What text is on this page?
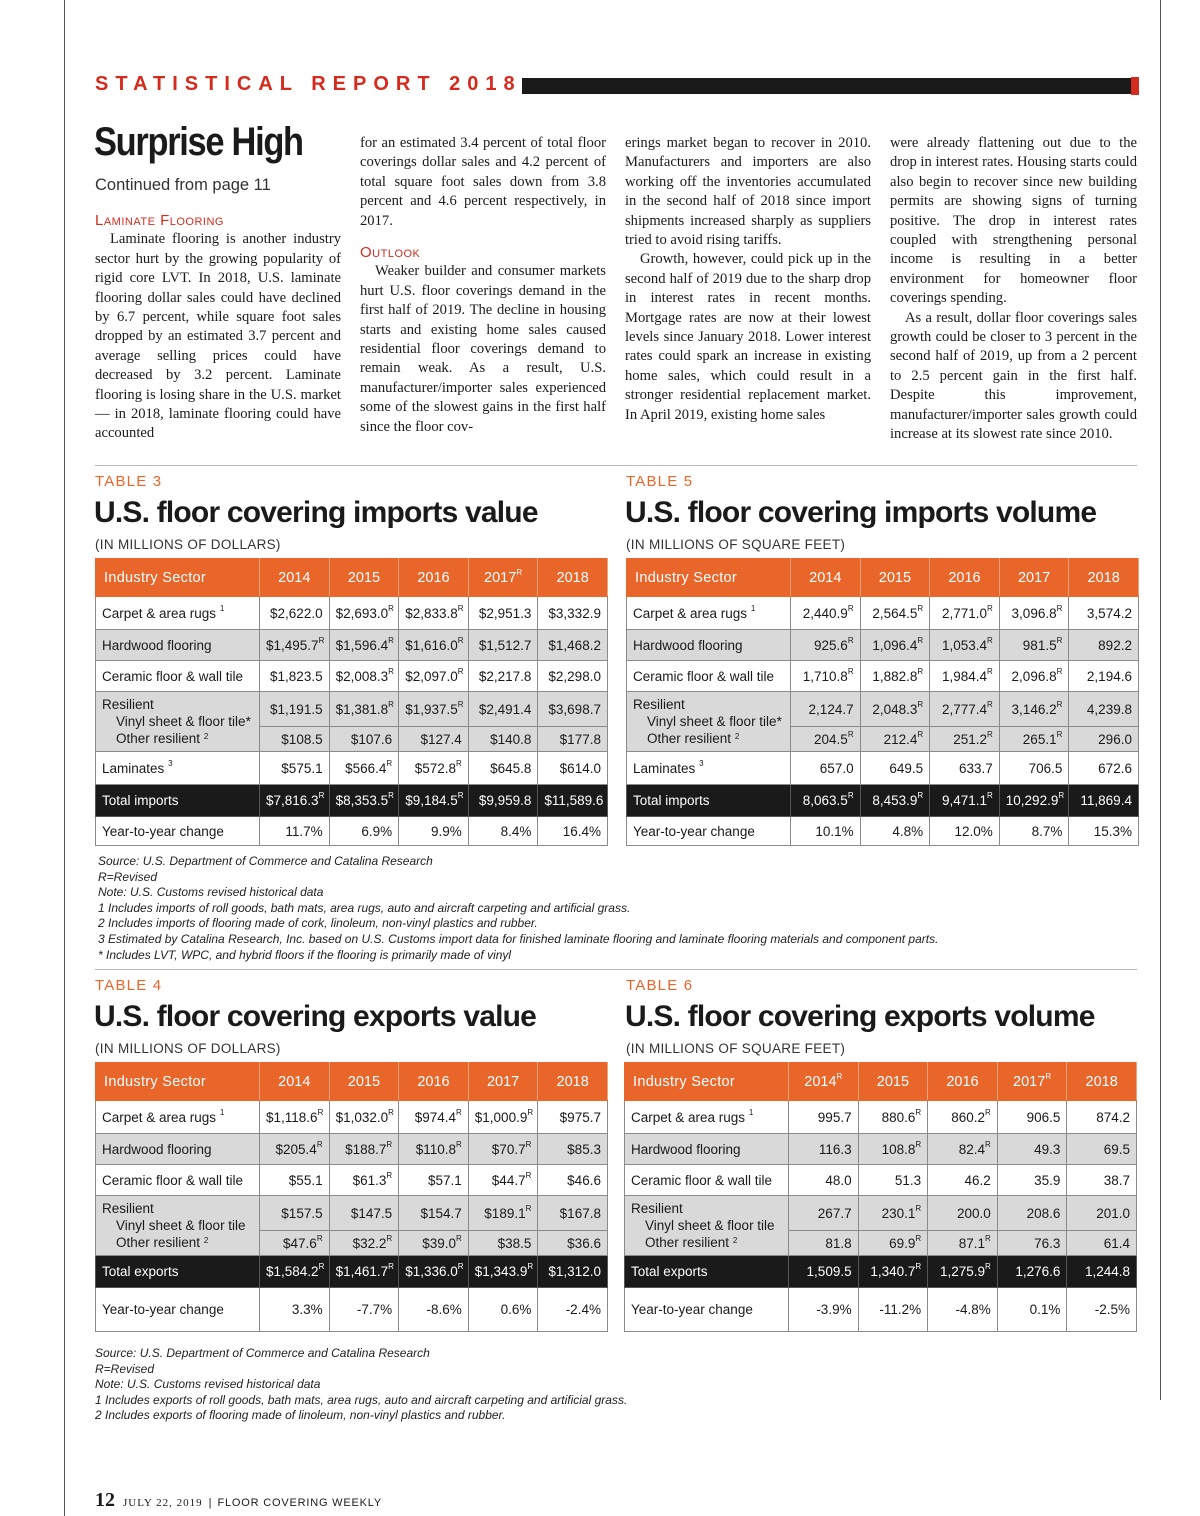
STATISTICAL REPORT 2018
Surprise High
Continued from page 11
Laminate Flooring

Laminate flooring is another industry sector hurt by the growing popularity of rigid core LVT. In 2018, U.S. laminate flooring dollar sales could have declined by 6.7 percent, while square foot sales dropped by an estimated 3.7 percent and average selling prices could have decreased by 3.2 percent. Laminate flooring is losing share in the U.S. market — in 2018, laminate flooring could have accounted

for an estimated 3.4 percent of total floor coverings dollar sales and 4.2 percent of total square foot sales down from 3.8 percent and 4.6 percent respectively, in 2017.

Outlook

Weaker builder and consumer markets hurt U.S. floor coverings demand in the first half of 2019. The decline in housing starts and existing home sales caused residential floor coverings demand to remain weak. As a result, U.S. manufacturer/importer sales experienced some of the slowest gains in the first half since the floor cov-

erings market began to recover in 2010. Manufacturers and importers are also working off the inventories accumulated in the second half of 2018 since import shipments increased sharply as suppliers tried to avoid rising tariffs.

Growth, however, could pick up in the second half of 2019 due to the sharp drop in interest rates in recent months. Mortgage rates are now at their lowest levels since January 2018. Lower interest rates could spark an increase in existing home sales, which could result in a stronger residential replacement market. In April 2019, existing home sales

were already flattening out due to the drop in interest rates. Housing starts could also begin to recover since new building permits are showing signs of turning positive. The drop in interest rates coupled with strengthening personal income is resulting in a better environment for homeowner floor coverings spending.

As a result, dollar floor coverings sales growth could be closer to 3 percent in the second half of 2019, up from a 2 percent to 2.5 percent gain in the first half. Despite this improvement, manufacturer/importer sales growth could increase at its slowest rate since 2010.

TABLE 3
U.S. floor covering imports value
(IN MILLIONS OF DOLLARS)
Industry Sector	2014	2015	2016	$2017^R$	2018
Carpet & area rugs $^1$	$2,622.0	$\$2,693.0^R$	$\$2,833.8^R$	$2,951.3	$3,332.9
Hardwood flooring	$\$1,495.7^R$	$\$1,596.4^R$	$\$1,616.0^R$	$1,512.7	$1,468.2
Ceramic floor & wall tile	$1,823.5	$\$2,008.3^R$	$\$2,097.0^R$	$2,217.8	$2,298.0

Resilient
Vinyl sheet & floor tile*
Other resilient $^2$	$1,191.5	$\$1,381.8^R$	$\$1,937.5^R$	$2,491.4	$3,698.7
	$108.5	$107.6	$127.4	$140.8	$177.8
Laminates $^3$	$575.1	$\$566.4^R$	$\$572.8^R$	$645.8	$614.0
Total imports	$\$7,816.3^R$	$\$8,353.5^R$	$\$9,184.5^R$	$9,959.8	$11,589.6
Year-to-year change	11.7%	6.9%	9.9%	8.4%	16.4%
TABLE 5
U.S. floor covering imports volume
(IN MILLIONS OF SQUARE FEET)
Industry Sector	2014	2015	2016	2017	2018
Carpet & area rugs $^1$	$2,440.9^R$	$2,564.5^R$	$2,771.0^R$	$3,096.8^R$	3,574.2
Hardwood flooring	$925.6^R$	$1,096.4^R$	$1,053.4^R$	$981.5^R$	892.2
Ceramic floor & wall tile	$1,710.8^R$	$1,882.8^R$	$1,984.4^R$	$2,096.8^R$	2,194.6

Resilient
Vinyl sheet & floor tile*
Other resilient $^2$	2,124.7	$2,048.3^R$	$2,777.4^R$	$3,146.2^R$	4,239.8
	$204.5^R$	$212.4^R$	$251.2^R$	$265.1^R$	296.0
Laminates $^3$	657.0	649.5	633.7	706.5	672.6
Total imports	$8,063.5^R$	$8,453.9^R$	$9,471.1^R$	$10,292.9^R$	11,869.4
Year-to-year change	10.1%	4.8%	12.0%	8.7%	15.3%
Source: U.S. Department of Commerce and Catalina Research
R=Revised
Note: U.S. Customs revised historical data
1 Includes imports of roll goods, bath mats, area rugs, auto and aircraft carpeting and artificial grass.
2 Includes imports of flooring made of cork, linoleum, non-vinyl plastics and rubber.
3 Estimated by Catalina Research, Inc. based on U.S. Customs import data for finished laminate flooring and laminate flooring materials and component parts.
* Includes LVT, WPC, and hybrid floors if the flooring is primarily made of vinyl
TABLE 4
U.S. floor covering exports value
(IN MILLIONS OF DOLLARS)
Industry Sector	2014	2015	2016	2017	2018
Carpet & area rugs $^1$	$\$1,118.6^R$	$\$1,032.0^R$	$\$974.4^R$	$\$1,000.9^R$	$975.7
Hardwood flooring	$\$205.4^R$	$\$188.7^R$	$\$110.8^R$	$\$70.7^R$	$85.3
Ceramic floor & wall tile	$55.1	$\$61.3^R$	$57.1	$\$44.7^R$	$46.6

Resilient
Vinyl sheet & floor tile
Other resilient $^2$	$157.5	$147.5	$154.7	$\$189.1^R$	$167.8
	$\$47.6^R$	$\$32.2^R$	$\$39.0^R$	$38.5	$36.6
Total exports	$\$1,584.2^R$	$\$1,461.7^R$	$\$1,336.0^R$	$\$1,343.9^R$	$1,312.0
Year-to-year change	3.3%	-7.7%	-8.6%	0.6%	-2.4%
TABLE 6
U.S. floor covering exports volume
(IN MILLIONS OF SQUARE FEET)
Industry Sector	$2014^R$	2015	2016	$2017^R$	2018
Carpet & area rugs $^1$	995.7	$880.6^R$	$860.2^R$	906.5	874.2
Hardwood flooring	116.3	$108.8^R$	$82.4^R$	49.3	69.5
Ceramic floor & wall tile	48.0	51.3	46.2	35.9	38.7

Resilient
Vinyl sheet & floor tile
Other resilient $^2$	267.7	$230.1^R$	200.0	208.6	201.0
	81.8	$69.9^R$	$87.1^R$	76.3	61.4
Total exports	1,509.5	$1,340.7^R$	$1,275.9^R$	1,276.6	1,244.8
Year-to-year change	-3.9%	-11.2%	-4.8%	0.1%	-2.5%
Source: U.S. Department of Commerce and Catalina Research
R=Revised
Note: U.S. Customs revised historical data
1 Includes exports of roll goods, bath mats, area rugs, auto and aircraft carpeting and artificial grass.
2 Includes exports of flooring made of linoleum, non-vinyl plastics and rubber.
12 JULY 22, 2019 | FLOOR COVERING WEEKLY
